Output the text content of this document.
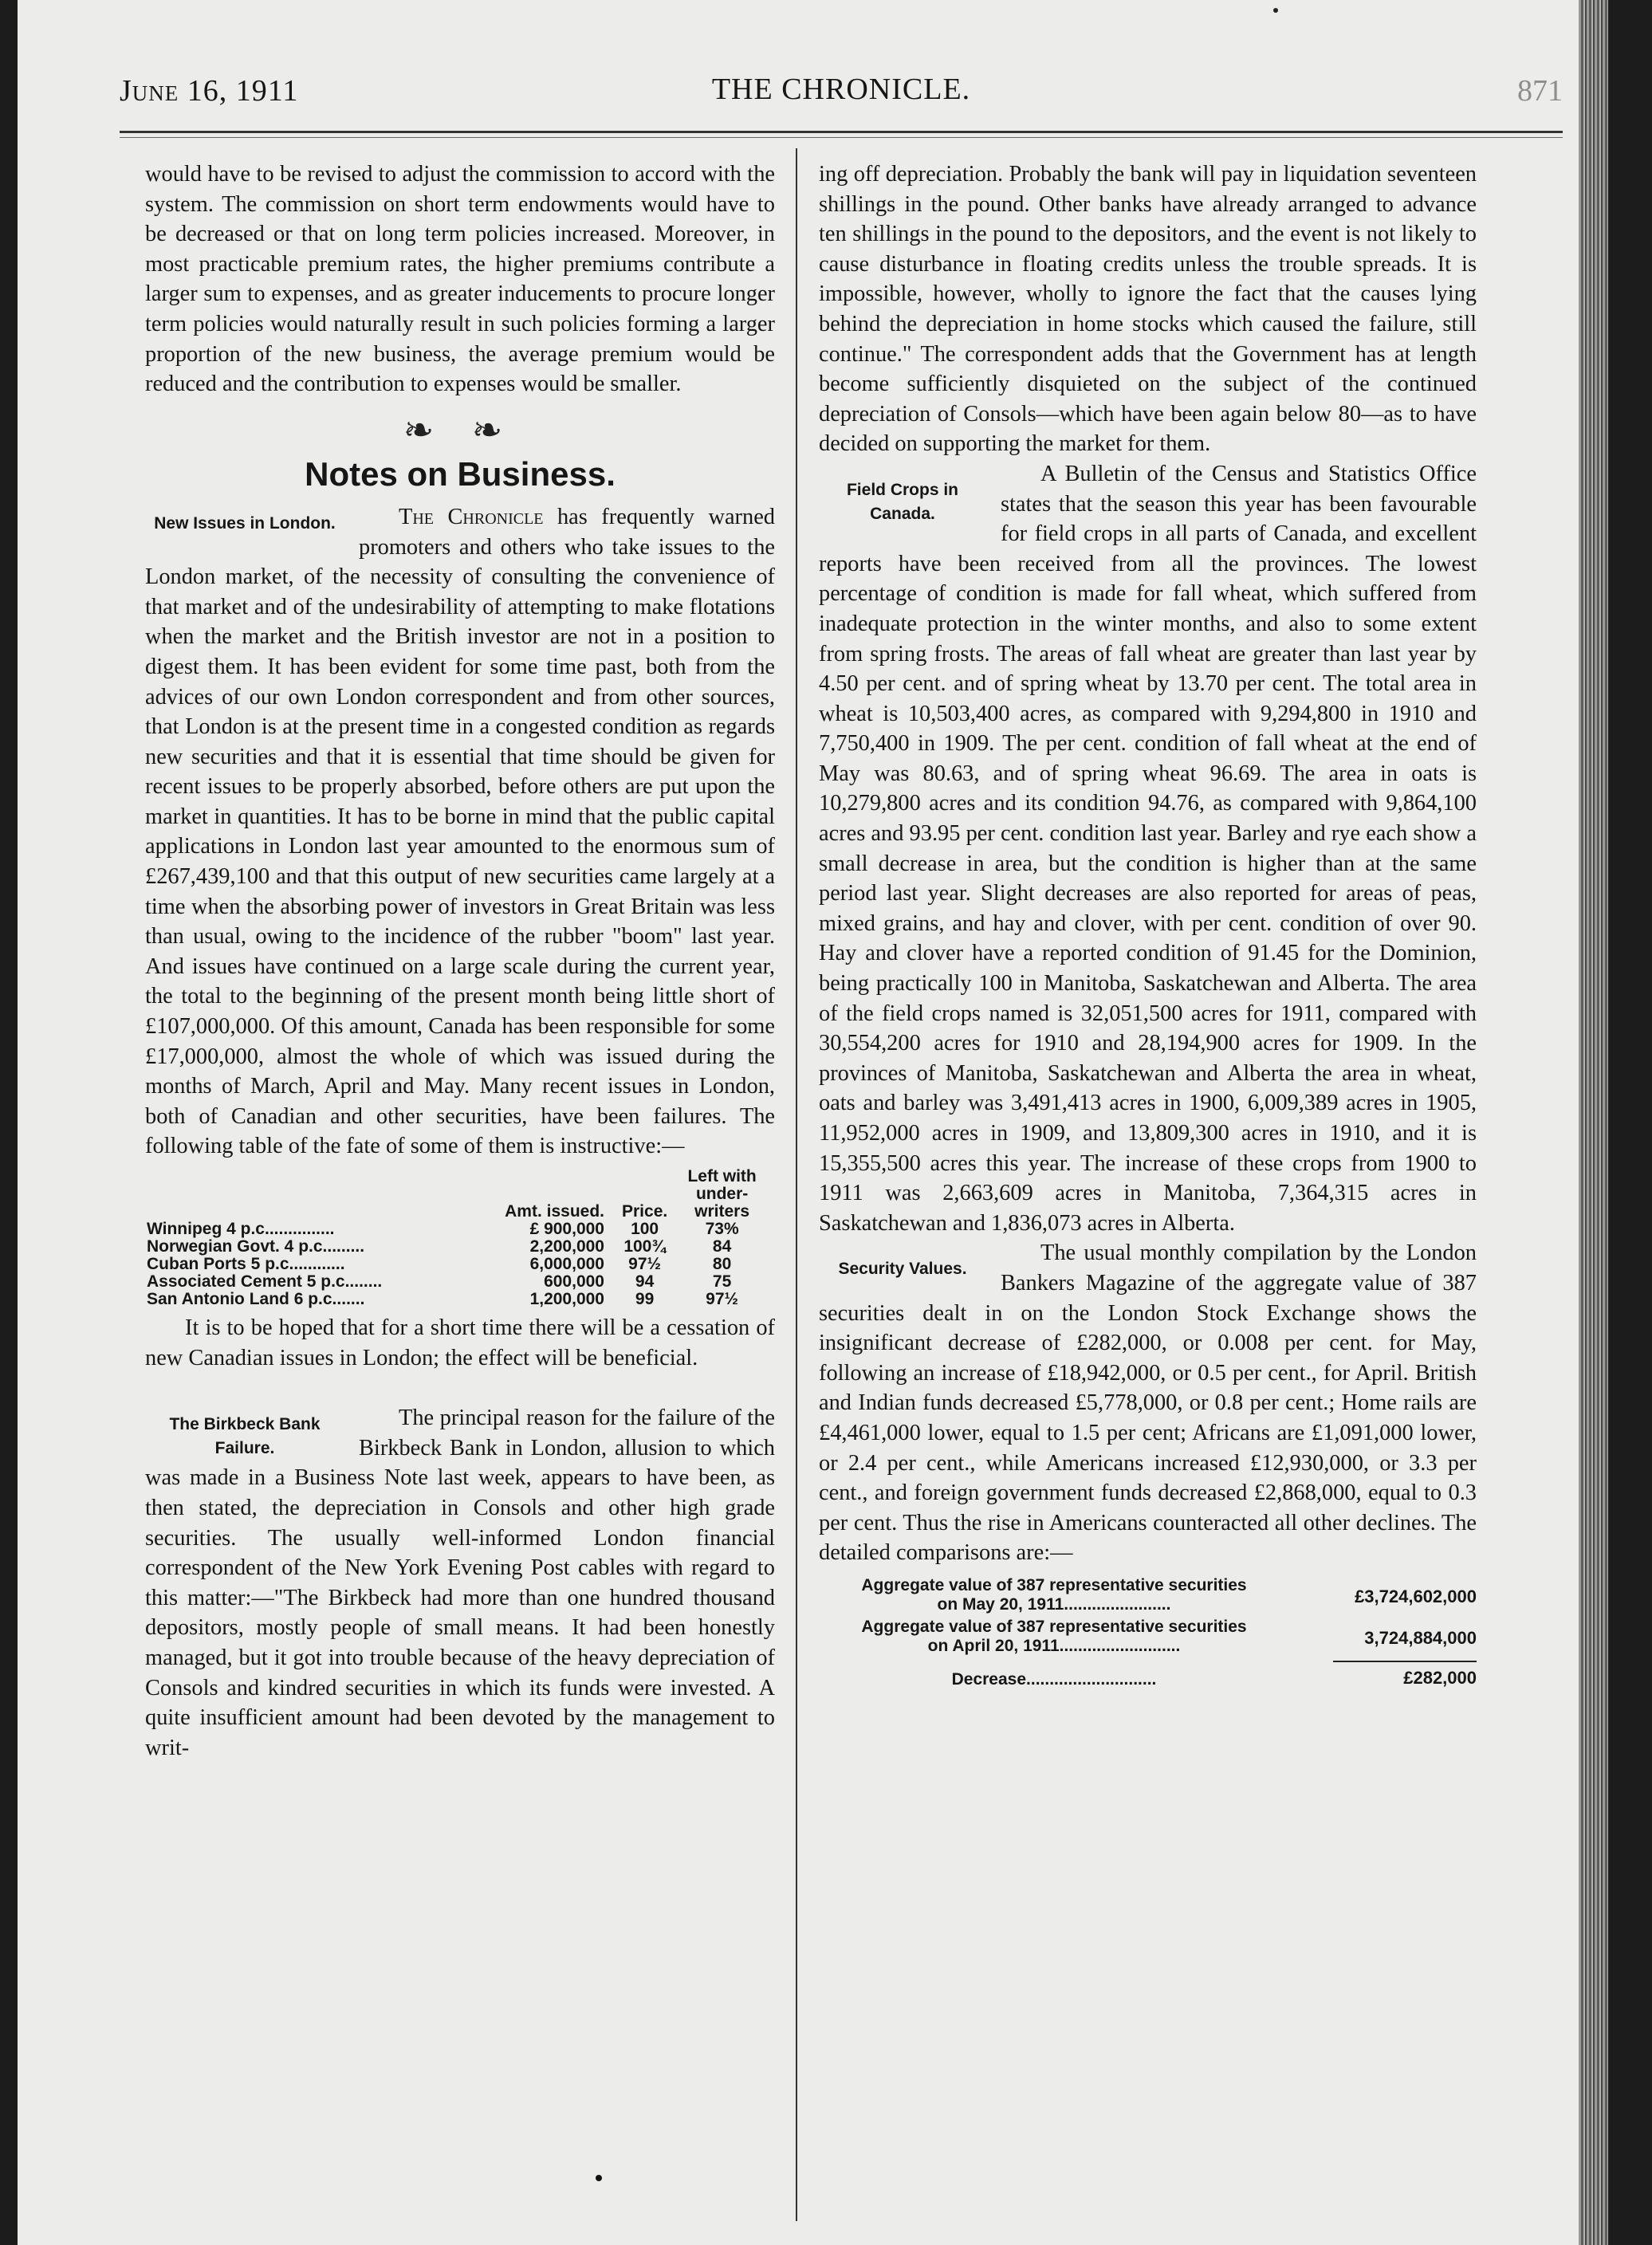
June 16, 1911	THE CHRONICLE.	871

would have to be revised to adjust the commission to accord with the system. The commission on short term endowments would have to be decreased or that on long term policies increased. Moreover, in most practicable premium rates, the higher premiums contribute a larger sum to expenses, and as greater inducements to procure longer term policies would naturally result in such policies forming a larger proportion of the new business, the average premium would be reduced and the contribution to expenses would be smaller.

❧ ❧
Notes on Business.
New Issues in London.	The Chronicle has frequently warned promoters and others who take issues to the London market, of the necessity of consulting the convenience of that market and of the undesirability of attempting to make flotations when the market and the British investor are not in a position to digest them. It has been evident for some time past, both from the advices of our own London correspondent and from other sources, that London is at the present time in a congested condition as regards new securities and that it is essential that time should be given for recent issues to be properly absorbed, before others are put upon the market in quantities. It has to be borne in mind that the public capital applications in London last year amounted to the enormous sum of £267,439,100 and that this output of new securities came largely at a time when the absorbing power of investors in Great Britain was less than usual, owing to the incidence of the rubber "boom" last year. And issues have continued on a large scale during the current year, the total to the beginning of the present month being little short of £107,000,000. Of this amount, Canada has been responsible for some £17,000,000, almost the whole of which was issued during the months of March, April and May. Many recent issues in London, both of Canadian and other securities, have been failures. The following table of the fate of some of them is instructive:—

	Amt. issued.	Price.	Left with under-writers
Winnipeg 4 p.c...............	£ 900,000	100	73%
Norwegian Govt. 4 p.c.........	2,200,000	100¾	84
Cuban Ports 5 p.c............	6,000,000	97½	80
Associated Cement 5 p.c........	600,000	94	75
San Antonio Land 6 p.c.......	1,200,000	99	97½

It is to be hoped that for a short time there will be a cessation of new Canadian issues in London; the effect will be beneficial.

The Birkbeck Bank Failure.

The principal reason for the failure of the Birkbeck Bank in London, allusion to which was made in a Business Note last week, appears to have been, as then stated, the depreciation in Consols and other high grade securities. The usually well-informed London financial correspondent of the New York Evening Post cables with regard to this matter:—"The Birkbeck had more than one hundred thousand depositors, mostly people of small means. It had been honestly managed, but it got into trouble because of the heavy depreciation of Consols and kindred securities in which its funds were invested. A quite insufficient amount had been devoted by the management to writ-

ing off depreciation. Probably the bank will pay in liquidation seventeen shillings in the pound. Other banks have already arranged to advance ten shillings in the pound to the depositors, and the event is not likely to cause disturbance in floating credits unless the trouble spreads. It is impossible, however, wholly to ignore the fact that the causes lying behind the depreciation in home stocks which caused the failure, still continue." The correspondent adds that the Government has at length become sufficiently disquieted on the subject of the continued depreciation of Consols—which have been again below 80—as to have decided on supporting the market for them.

Field Crops in Canada.

A Bulletin of the Census and Statistics Office states that the season this year has been favourable for field crops in all parts of Canada, and excellent reports have been received from all the provinces. The lowest percentage of condition is made for fall wheat, which suffered from inadequate protection in the winter months, and also to some extent from spring frosts. The areas of fall wheat are greater than last year by 4.50 per cent. and of spring wheat by 13.70 per cent. The total area in wheat is 10,503,400 acres, as compared with 9,294,800 in 1910 and 7,750,400 in 1909. The per cent. condition of fall wheat at the end of May was 80.63, and of spring wheat 96.69. The area in oats is 10,279,800 acres and its condition 94.76, as compared with 9,864,100 acres and 93.95 per cent. condition last year. Barley and rye each show a small decrease in area, but the condition is higher than at the same period last year. Slight decreases are also reported for areas of peas, mixed grains, and hay and clover, with per cent. condition of over 90. Hay and clover have a reported condition of 91.45 for the Dominion, being practically 100 in Manitoba, Saskatchewan and Alberta. The area of the field crops named is 32,051,500 acres for 1911, compared with 30,554,200 acres for 1910 and 28,194,900 acres for 1909. In the provinces of Manitoba, Saskatchewan and Alberta the area in wheat, oats and barley was 3,491,413 acres in 1900, 6,009,389 acres in 1905, 11,952,000 acres in 1909, and 13,809,300 acres in 1910, and it is 15,355,500 acres this year. The increase of these crops from 1900 to 1911 was 2,663,609 acres in Manitoba, 7,364,315 acres in Saskatchewan and 1,836,073 acres in Alberta.

Security Values.

The usual monthly compilation by the London Bankers Magazine of the aggregate value of 387 securities dealt in on the London Stock Exchange shows the insignificant decrease of £282,000, or 0.008 per cent. for May, following an increase of £18,942,000, or 0.5 per cent., for April. British and Indian funds decreased £5,778,000, or 0.8 per cent.; Home rails are £4,461,000 lower, equal to 1.5 per cent; Africans are £1,091,000 lower, or 2.4 per cent., while Americans increased £12,930,000, or 3.3 per cent., and foreign government funds decreased £2,868,000, equal to 0.3 per cent. Thus the rise in Americans counteracted all other declines. The detailed comparisons are:—

Aggregate value of 387 representative securities
on May 20, 1911.......................	£3,724,602,000
Aggregate value of 387 representative securities
on April 20, 1911..........................	3,724,884,000
Decrease............................	£282,000
